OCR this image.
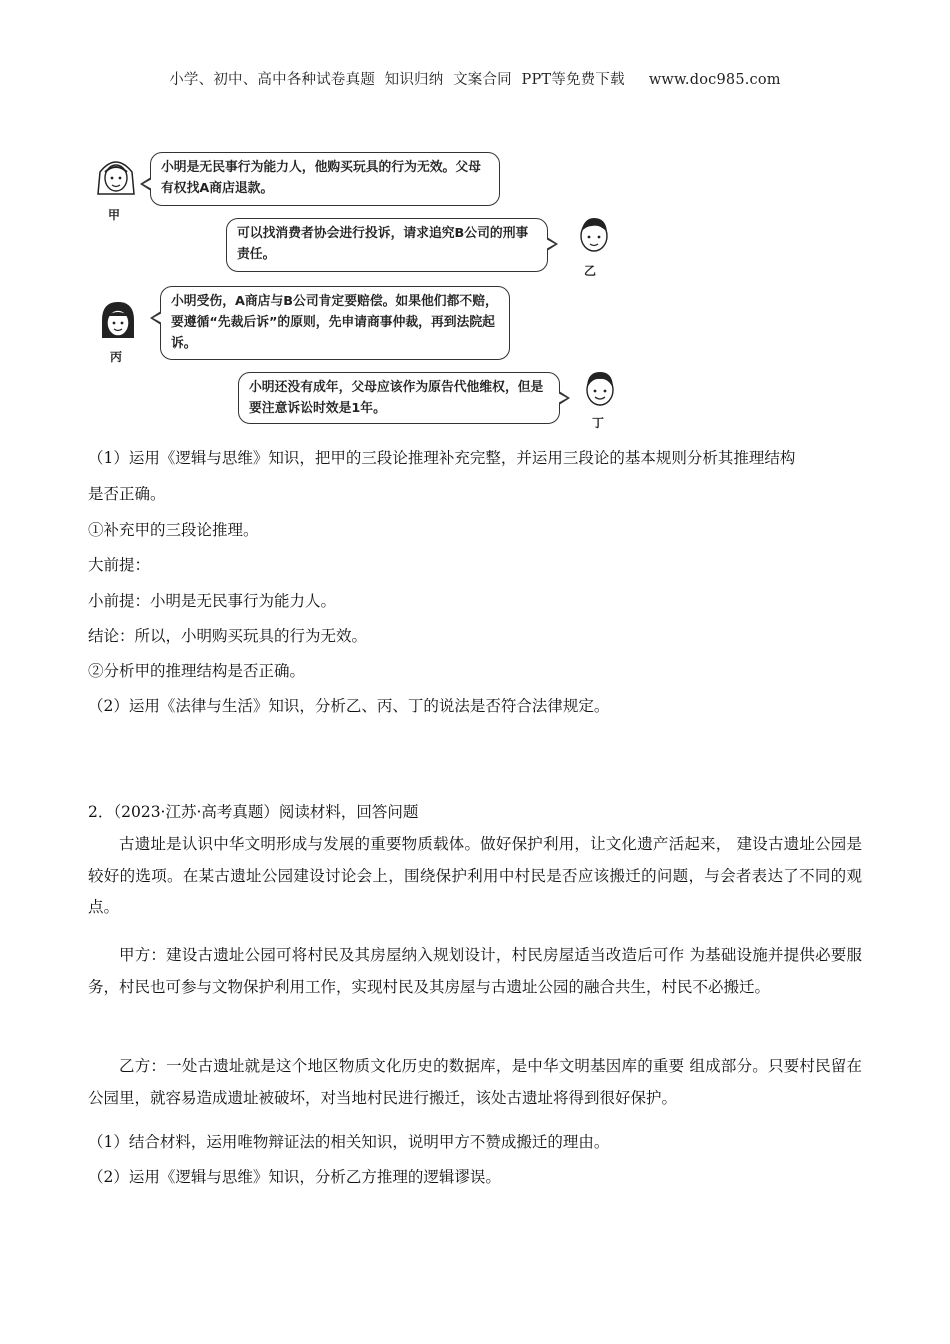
小学、初中、高中各种试卷真题  知识归纳  文案合同  PPT等免费下载     www.doc985.com
甲
小明是无民事行为能力人，他购买玩具的行为无效。父母有权找A商店退款。
可以找消费者协会进行投诉，请求追究B公司的刑事责任。
乙
丙
小明受伤，A商店与B公司肯定要赔偿。如果他们都不赔，要遵循“先裁后诉”的原则，先申请商事仲裁，再到法院起诉。
小明还没有成年，父母应该作为原告代他维权，但是要注意诉讼时效是1年。
丁
（1）运用《逻辑与思维》知识，把甲的三段论推理补充完整，并运用三段论的基本规则分析其推理结构
是否正确。
①补充甲的三段论推理。
大前提：
小前提：小明是无民事行为能力人。
结论：所以，小明购买玩具的行为无效。
②分析甲的推理结构是否正确。
（2）运用《法律与生活》知识，分析乙、丙、丁的说法是否符合法律规定。
2．（2023·江苏·高考真题）阅读材料，回答问题
古遗址是认识中华文明形成与发展的重要物质载体。做好保护利用，让文化遗产活起来， 建设古遗址公园是较好的选项。在某古遗址公园建设讨论会上，围绕保护利用中村民是否应该搬迁的问题，与会者表达了不同的观点。
甲方：建设古遗址公园可将村民及其房屋纳入规划设计，村民房屋适当改造后可作 为基础设施并提供必要服务，村民也可参与文物保护利用工作，实现村民及其房屋与古遗址公园的融合共生，村民不必搬迁。
乙方：一处古遗址就是这个地区物质文化历史的数据库，是中华文明基因库的重要 组成部分。只要村民留在公园里，就容易造成遗址被破坏，对当地村民进行搬迁，该处古遗址将得到很好保护。
（1）结合材料，运用唯物辩证法的相关知识，说明甲方不赞成搬迁的理由。
（2）运用《逻辑与思维》知识，分析乙方推理的逻辑谬误。
